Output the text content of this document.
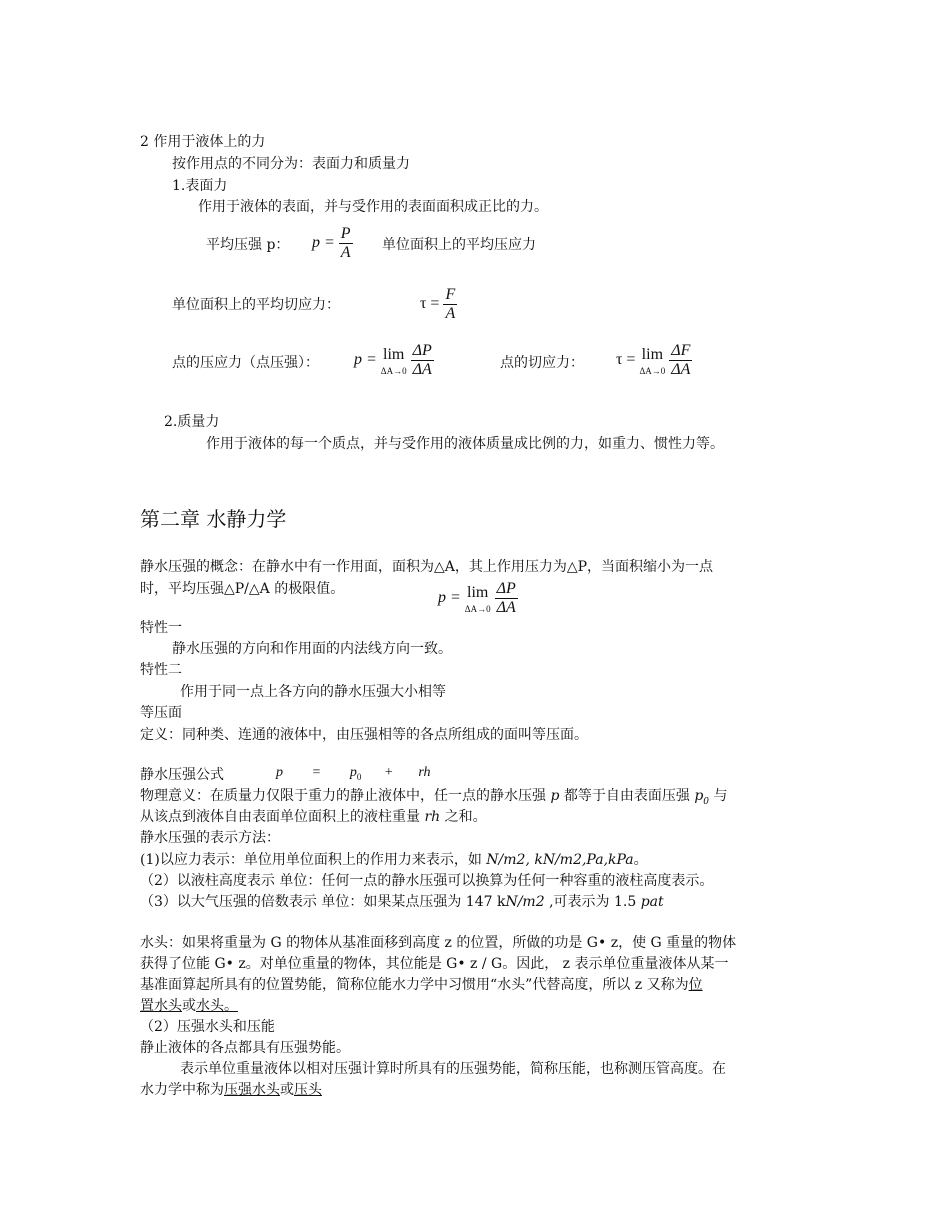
2 作用于液体上的力
按作用点的不同分为：表面力和质量力
1.表面力
作用于液体的表面，并与受作用的表面面积成正比的力。
平均压强 p： $p = \frac{P}{A}$ 单位面积上的平均压应力
单位面积上的平均切应力：	$\tau = \frac{F}{A}$
点的压应力（点压强）： p = lim
ΔA→0
$\frac{\Delta P}{\Delta A}$	点的切应力： τ = lim
ΔA→0
$\frac{\Delta F}{\Delta A}$
2.质量力
作用于液体的每一个质点，并与受作用的液体质量成比例的力，如重力、惯性力等。
第二章 水静力学
静水压强的概念：在静水中有一作用面，面积为△A，其上作用压力为△P，当面积缩小为一点
时，平均压强△P/△A 的极限值。
p = lim
ΔA→0
$\frac{\Delta P}{\Delta A}$
特性一
静水压强的方向和作用面的内法线方向一致。
特性二
作用于同一点上各方向的静水压强大小相等
等压面
定义：同种类、连通的液体中，由压强相等的各点所组成的面叫等压面。
静水压强公式	$p = p_0$ + rh
物理意义：在质量力仅限于重力的静止液体中，任一点的静水压强 p 都等于自由表面压强 $p_0$ 与
从该点到液体自由表面单位面积上的液柱重量 rh 之和。
静水压强的表示方法：
(1)以应力表示：单位用单位面积上的作用力来表示，如 N/m2, kN/m2,Pa,kPa。
（2）以液柱高度表示 单位：任何一点的静水压强可以换算为任何一种容重的液柱高度表示。
（3）以大气压强的倍数表示 单位：如果某点压强为 147 kN/m2 ,可表示为 1.5 pat
水头：如果将重量为 G 的物体从基准面移到高度 z 的位置，所做的功是 G• z，使 G 重量的物体
获得了位能 G• z。对单位重量的物体，其位能是 G• z / G。因此， z 表示单位重量液体从某一
基准面算起所具有的位置势能，简称位能水力学中习惯用“水头”代替高度，所以 z 又称为位
置水头或水头。
（2）压强水头和压能
静止液体的各点都具有压强势能。
表示单位重量液体以相对压强计算时所具有的压强势能，简称压能，也称测压管高度。在
水力学中称为压强水头或压头
